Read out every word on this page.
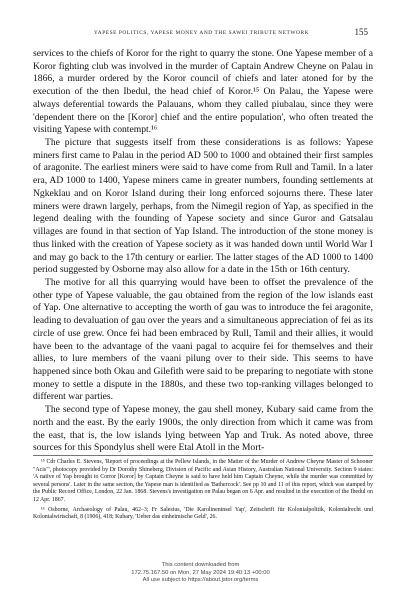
YAPESE POLITICS, YAPESE MONEY AND THE SAWEI TRIBUTE NETWORK	155

services to the chiefs of Koror for the right to quarry the stone. One Yapese member of a Koror fighting club was involved in the murder of Captain Andrew Cheyne on Palau in 1866, a murder ordered by the Koror council of chiefs and later atoned for by the execution of the then Ibedul, the head chief of Koror.¹⁵ On Palau, the Yapese were always deferential towards the Palauans, whom they called piubalau, since they were 'dependent there on the [Koror] chief and the entire population', who often treated the visiting Yapese with contempt.¹⁶

The picture that suggests itself from these considerations is as follows: Yapese miners first came to Palau in the period AD 500 to 1000 and obtained their first samples of aragonite. The earliest miners were said to have come from Rull and Tamil. In a later era, AD 1000 to 1400, Yapese miners came in greater numbers, founding settlements at Ngkeklau and on Koror Island during their long enforced sojourns there. These later miners were drawn largely, perhaps, from the Nimegil region of Yap, as specified in the legend dealing with the founding of Yapese society and since Guror and Gatsalau villages are found in that section of Yap Island. The introduction of the stone money is thus linked with the creation of Yapese society as it was handed down until World War I and may go back to the 17th century or earlier. The latter stages of the AD 1000 to 1400 period suggested by Osborne may also allow for a date in the 15th or 16th century.

The motive for all this quarrying would have been to offset the prevalence of the other type of Yapese valuable, the gau obtained from the region of the low islands east of Yap. One alternative to accepting the worth of gau was to introduce the fei aragonite, leading to devaluation of gau over the years and a simultaneous appreciation of fei as its circle of use grew. Once fei had been embraced by Rull, Tamil and their allies, it would have been to the advantage of the vaani pagal to acquire fei for themselves and their allies, to lure members of the vaani pilung over to their side. This seems to have happened since both Okau and Gilefith were said to be preparing to negotiate with stone money to settle a dispute in the 1880s, and these two top-ranking villages belonged to different war parties.

The second type of Yapese money, the gau shell money, Kubary said came from the north and the east. By the early 1900s, the only direction from which it came was from the east, that is, the low islands lying between Yap and Truk. As noted above, three sources for this Spondylus shell were Etal Atoll in the Mort-

¹⁵ Cdr Charles E. Stevens, 'Report of proceedings at the Pellew Islands, in the Matter of the Murder of Andrew Cheyne Master of Schooner "Acis"', photocopy provided by Dr Dorothy Shineberg, Division of Pacific and Asian History, Australian National University. Section 9 states: 'A native of Yap brought to Corror [Koror] by Captain Cheyne is said to have held him Captain Cheyne, while the murder was committed by several persons'. Later in the same section, the Yapese man is identified as 'Bathercock'. See pp 10 and 11 of this report, which was stamped by the Public Record Office, London, 22 Jan. 1868. Stevens's investigation on Palau began on 6 Apr. and resulted in the execution of the Ibedul on 12 Apr. 1867.

¹⁶ Osborne, Archaeology of Palau, 462–3; Fr Salesius, 'Die Karolineninsel Yap', Zeitschrift für Kolonialpolitik, Kolonialrecht und Kolonialwirtschaft, 8 (1906), 418; Kubary, 'Ueber das einheimische Geld', 26.

This content downloaded from
172.75.167.50 on Mon, 27 May 2024 19:40:13 +00:00
All use subject to https://about.jstor.org/terms
